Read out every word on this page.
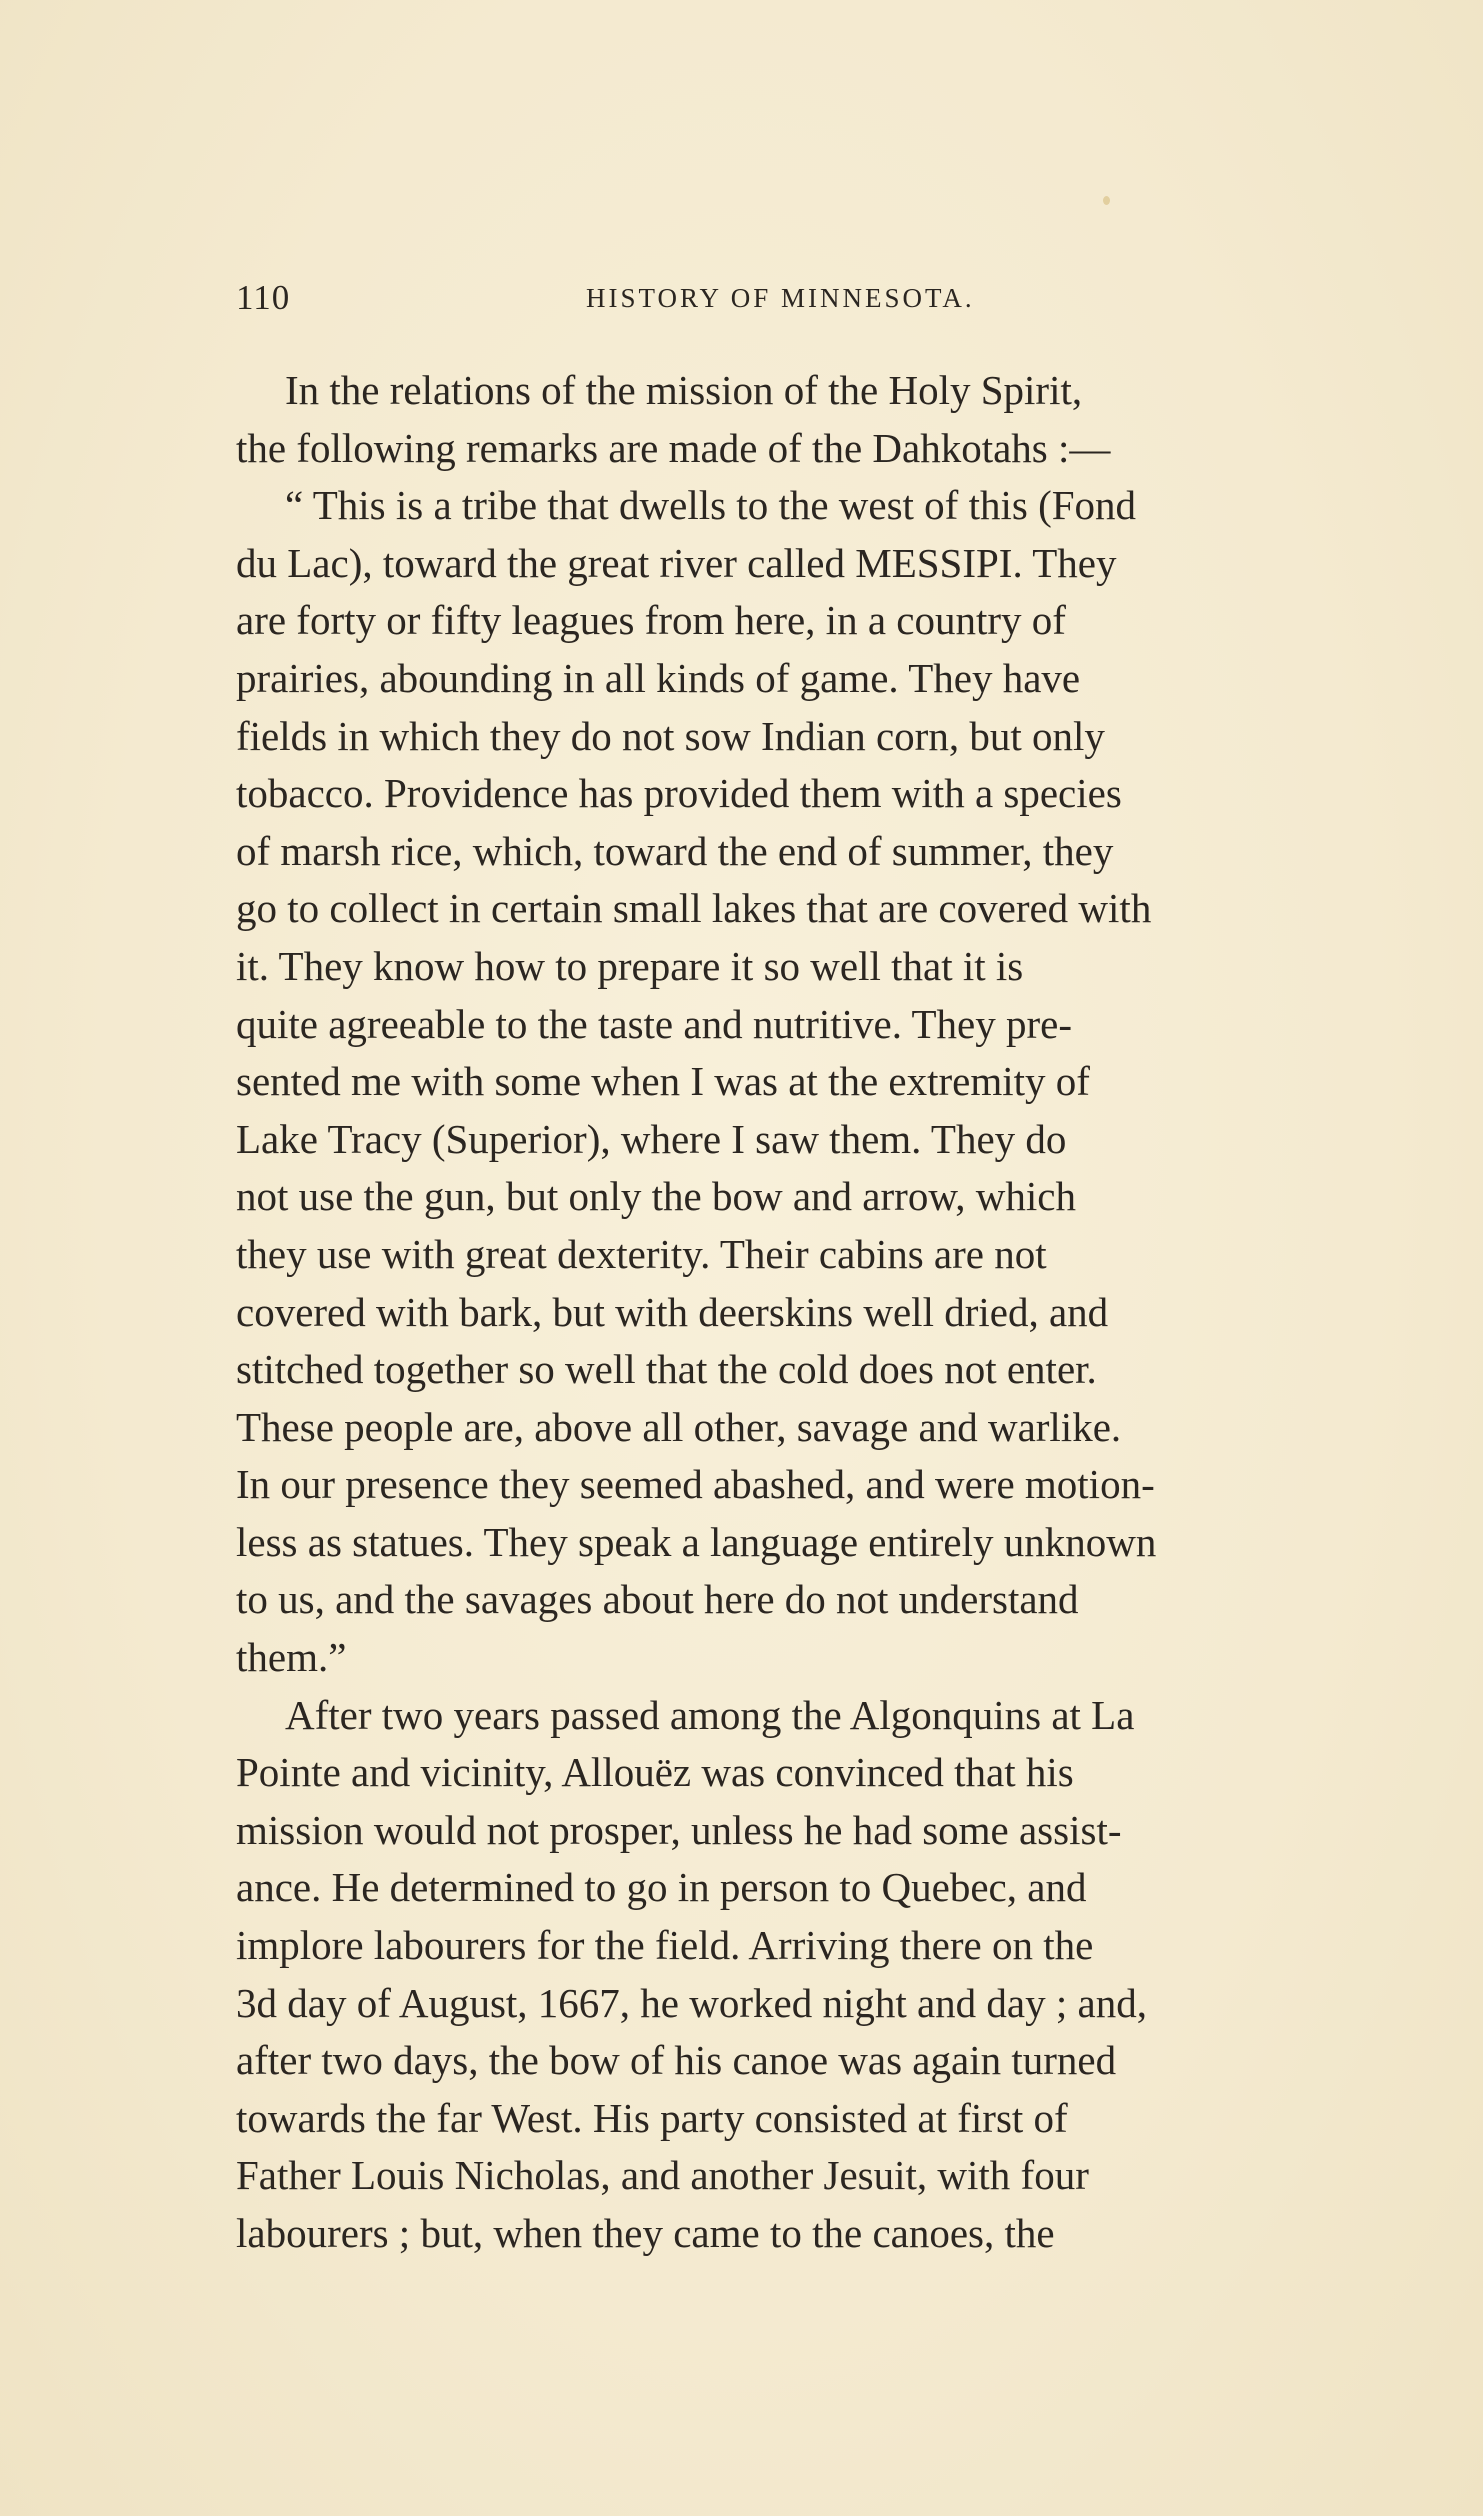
110	HISTORY OF MINNESOTA.
In the relations of the mission of the Holy Spirit,
the following remarks are made of the Dahkotahs :—
“ This is a tribe that dwells to the west of this (Fond
du Lac), toward the great river called MESSIPI. They
are forty or fifty leagues from here, in a country of
prairies, abounding in all kinds of game. They have
fields in which they do not sow Indian corn, but only
tobacco. Providence has provided them with a species
of marsh rice, which, toward the end of summer, they
go to collect in certain small lakes that are covered with
it. They know how to prepare it so well that it is
quite agreeable to the taste and nutritive. They pre-
sented me with some when I was at the extremity of
Lake Tracy (Superior), where I saw them. They do
not use the gun, but only the bow and arrow, which
they use with great dexterity. Their cabins are not
covered with bark, but with deerskins well dried, and
stitched together so well that the cold does not enter.
These people are, above all other, savage and warlike.
In our presence they seemed abashed, and were motion-
less as statues. They speak a language entirely unknown
to us, and the savages about here do not understand
them.”
After two years passed among the Algonquins at La
Pointe and vicinity, Allouëz was convinced that his
mission would not prosper, unless he had some assist-
ance. He determined to go in person to Quebec, and
implore labourers for the field. Arriving there on the
3d day of August, 1667, he worked night and day ; and,
after two days, the bow of his canoe was again turned
towards the far West. His party consisted at first of
Father Louis Nicholas, and another Jesuit, with four
labourers ; but, when they came to the canoes, the
